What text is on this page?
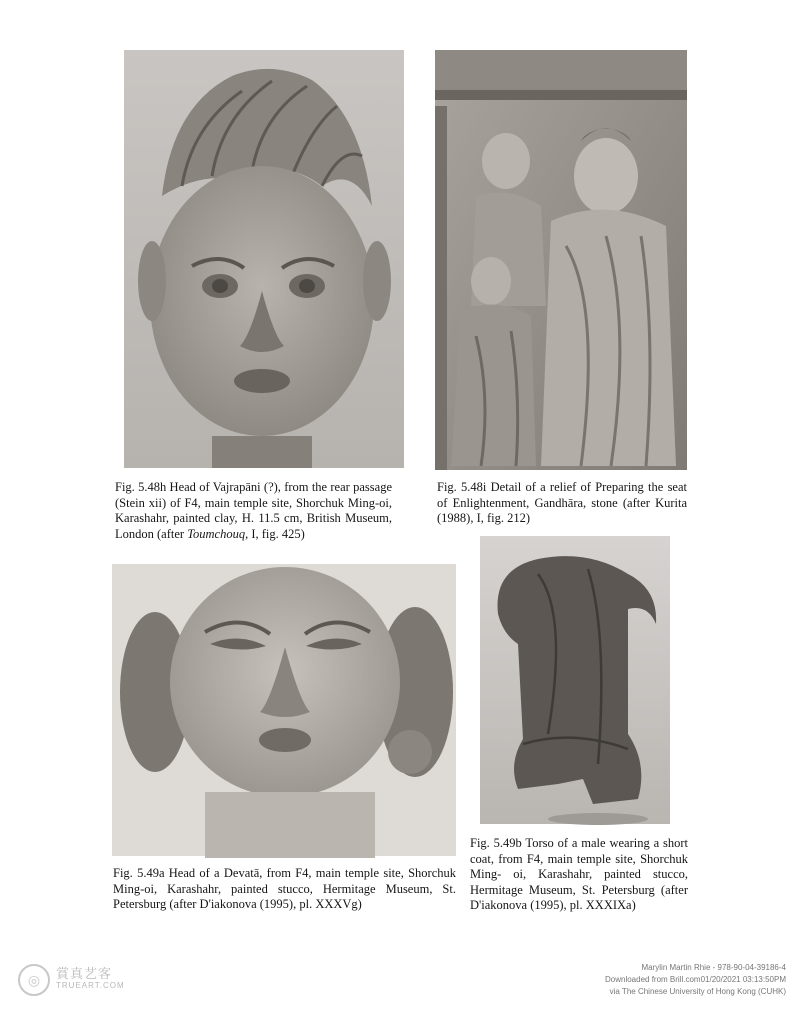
Fig. 5.48h Head of Vajrapāni (?), from the rear passage (Stein xii) of F4, main temple site, Shorchuk Ming-oi, Karashahr, painted clay, H. 11.5 cm, British Museum, London (after Toumchouq, I, fig. 425)
Fig. 5.48i Detail of a relief of Preparing the seat of Enlightenment, Gandhāra, stone (after Kurita (1988), I, fig. 212)
Fig. 5.49a Head of a Devatā, from F4, main temple site, Shorchuk Ming-oi, Karashahr, painted stucco, Hermitage Museum, St. Petersburg (after D'iakonova (1995), pl. XXXVg)
Fig. 5.49b Torso of a male wearing a short coat, from F4, main temple site, Shorchuk Ming- oi, Karashahr, painted stucco, Hermitage Museum, St. Petersburg (after D'iakonova (1995), pl. XXXIXa)
◎	賞真艺客
TRUEART.COM
Marylin Martin Rhie - 978-90-04-39186-4
Downloaded from Brill.com01/20/2021 03:13:50PM
via The Chinese University of Hong Kong (CUHK)
